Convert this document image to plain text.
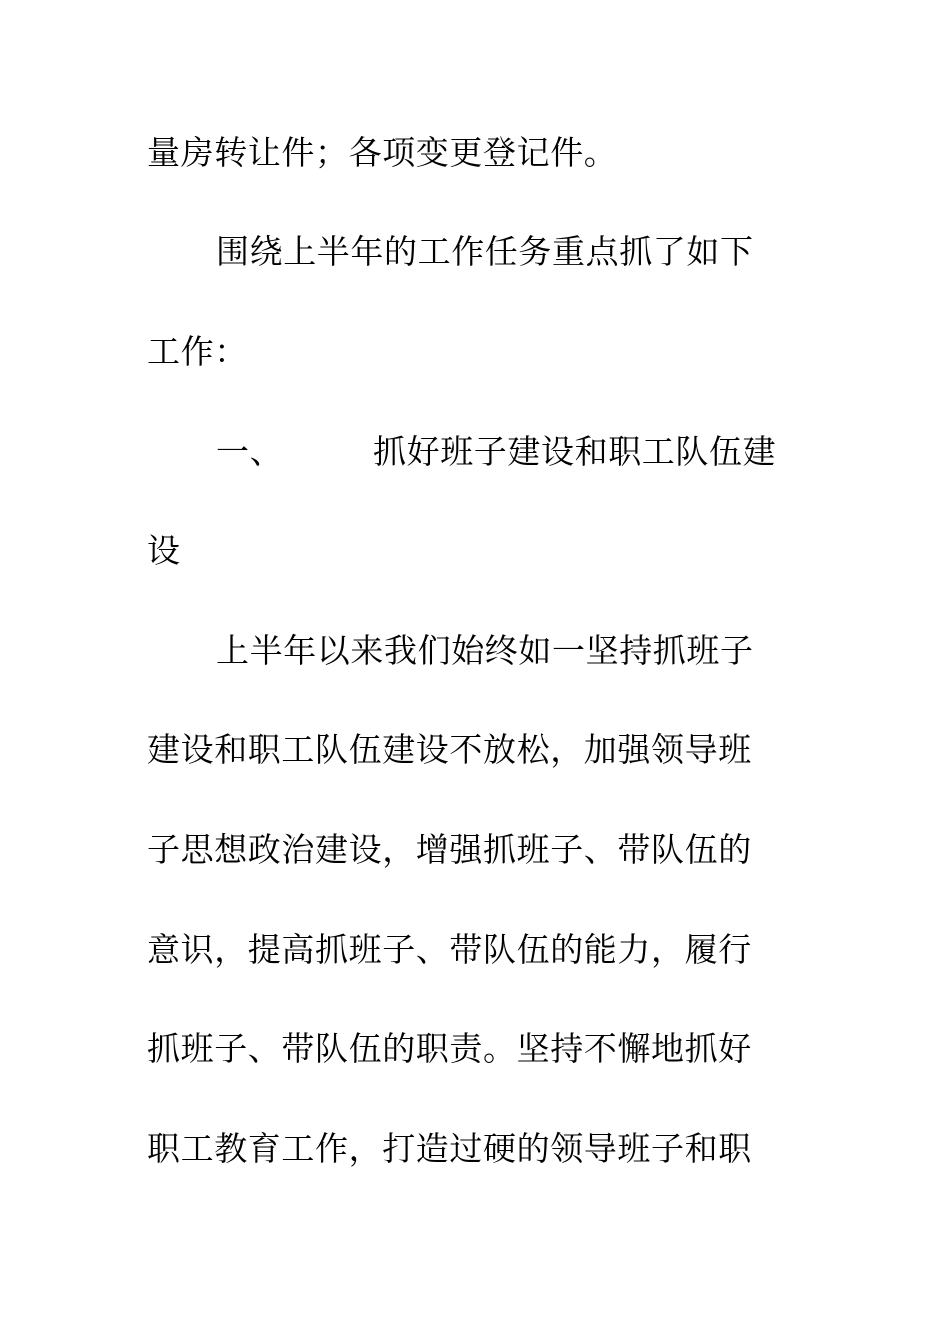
量房转让件；各项变更登记件。
围绕上半年的工作任务重点抓了如下
工作：
一、	抓好班子建设和职工队伍建
设
上半年以来我们始终如一坚持抓班子
建设和职工队伍建设不放松，加强领导班
子思想政治建设，增强抓班子、带队伍的
意识，提高抓班子、带队伍的能力，履行
抓班子、带队伍的职责。坚持不懈地抓好
职工教育工作，打造过硬的领导班子和职
